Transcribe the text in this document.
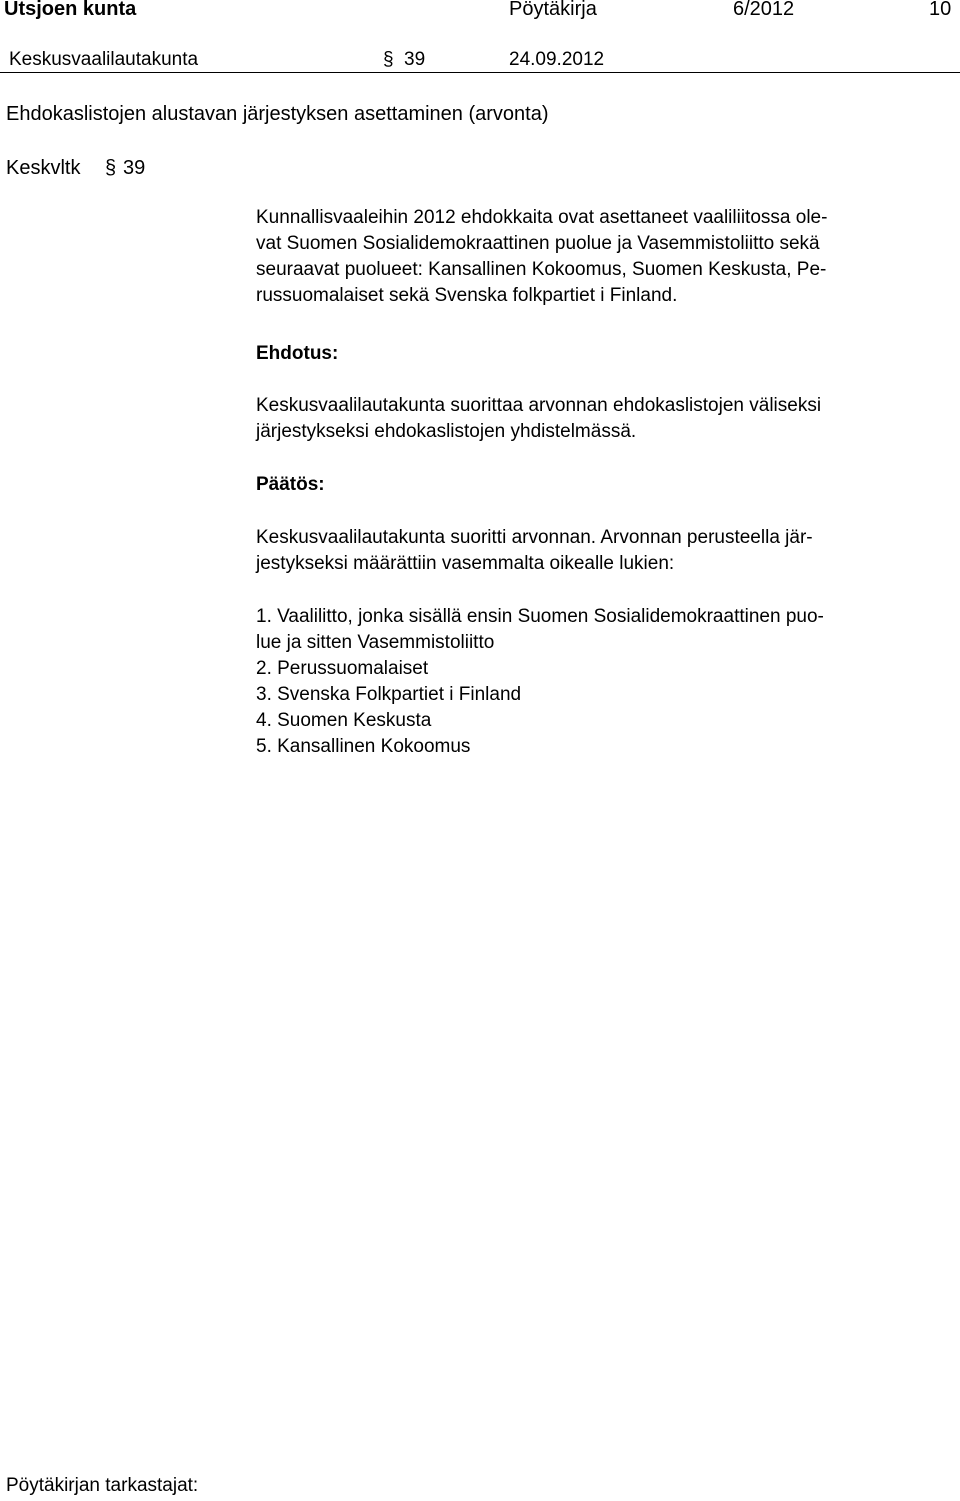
Utsjoen kunta	Pöytäkirja	6/2012	10
Keskusvaalilautakunta	§ 39	24.09.2012
Ehdokaslistojen alustavan järjestyksen asettaminen (arvonta)
Keskvltk § 39

Kunnallisvaaleihin 2012 ehdokkaita ovat asettaneet vaaliliitossa ole-

vat Suomen Sosialidemokraattinen puolue ja Vasemmistoliitto sekä

seuraavat puolueet: Kansallinen Kokoomus, Suomen Keskusta, Pe-

russuomalaiset sekä Svenska folkpartiet i Finland.

Ehdotus:

Keskusvaalilautakunta suorittaa arvonnan ehdokaslistojen väliseksi

järjestykseksi ehdokaslistojen yhdistelmässä.

Päätös:

Keskusvaalilautakunta suoritti arvonnan. Arvonnan perusteella jär-

jestykseksi määrättiin vasemmalta oikealle lukien:

1. Vaalilitto, jonka sisällä ensin Suomen Sosialidemokraattinen puo-

lue ja sitten Vasemmistoliitto

2. Perussuomalaiset

3. Svenska Folkpartiet i Finland

4. Suomen Keskusta

5. Kansallinen Kokoomus

Pöytäkirjan tarkastajat:
